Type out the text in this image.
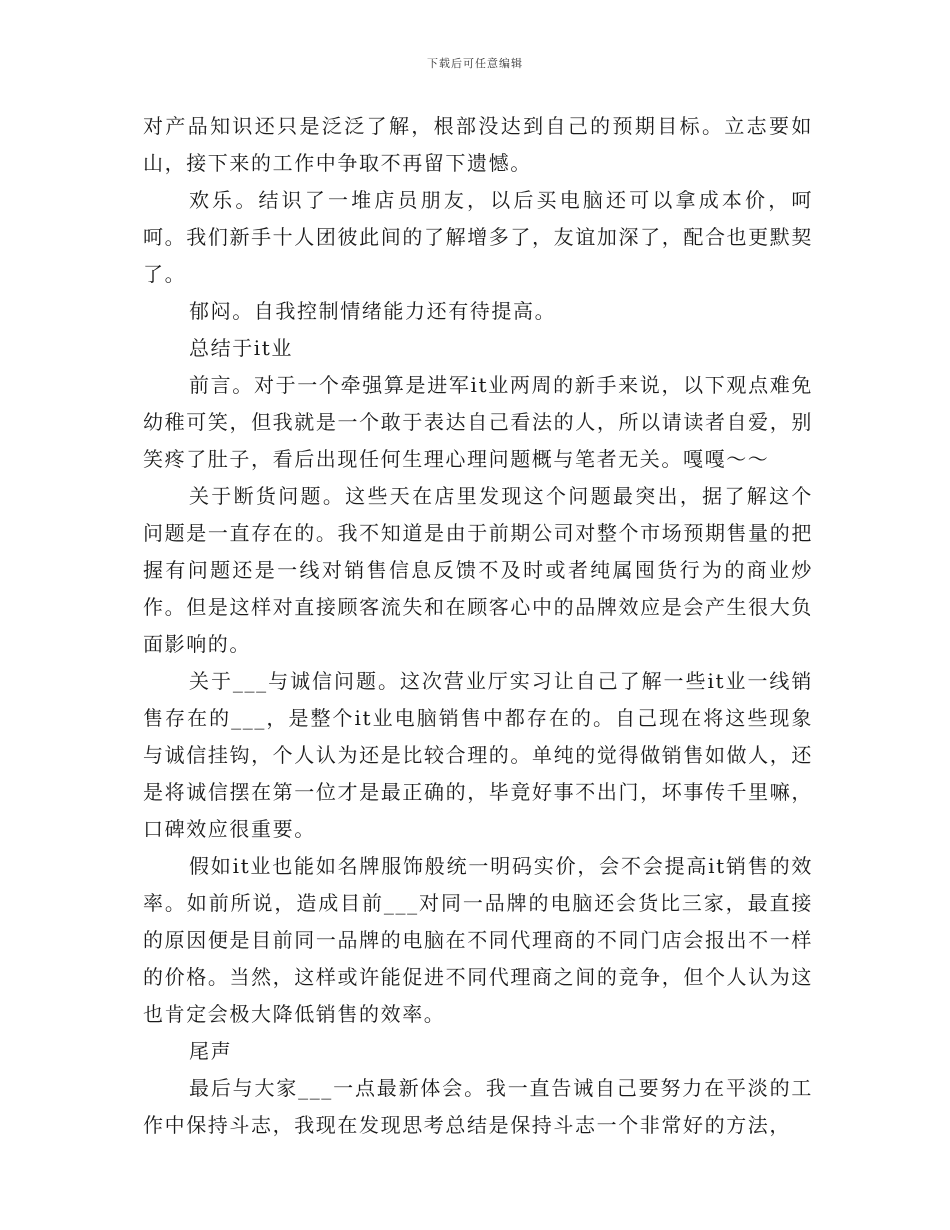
下载后可任意编辑

对产品知识还只是泛泛了解，根部没达到自己的预期目标。立志要如山，接下来的工作中争取不再留下遗憾。

欢乐。结识了一堆店员朋友，以后买电脑还可以拿成本价，呵呵。我们新手十人团彼此间的了解增多了，友谊加深了，配合也更默契了。

郁闷。自我控制情绪能力还有待提高。

总结于it业

前言。对于一个牵强算是进军it业两周的新手来说，以下观点难免幼稚可笑，但我就是一个敢于表达自己看法的人，所以请读者自爱，别笑疼了肚子，看后出现任何生理心理问题概与笔者无关。嘎嘎～～

关于断货问题。这些天在店里发现这个问题最突出，据了解这个问题是一直存在的。我不知道是由于前期公司对整个市场预期售量的把握有问题还是一线对销售信息反馈不及时或者纯属囤货行为的商业炒作。但是这样对直接顾客流失和在顾客心中的品牌效应是会产生很大负面影响的。

关于___与诚信问题。这次营业厅实习让自己了解一些it业一线销售存在的___，是整个it业电脑销售中都存在的。自己现在将这些现象与诚信挂钩，个人认为还是比较合理的。单纯的觉得做销售如做人，还是将诚信摆在第一位才是最正确的，毕竟好事不出门，坏事传千里嘛，口碑效应很重要。

假如it业也能如名牌服饰般统一明码实价，会不会提高it销售的效率。如前所说，造成目前___对同一品牌的电脑还会货比三家，最直接的原因便是目前同一品牌的电脑在不同代理商的不同门店会报出不一样的价格。当然，这样或许能促进不同代理商之间的竞争，但个人认为这也肯定会极大降低销售的效率。

尾声

最后与大家___一点最新体会。我一直告诫自己要努力在平淡的工作中保持斗志，我现在发现思考总结是保持斗志一个非常好的方法，
